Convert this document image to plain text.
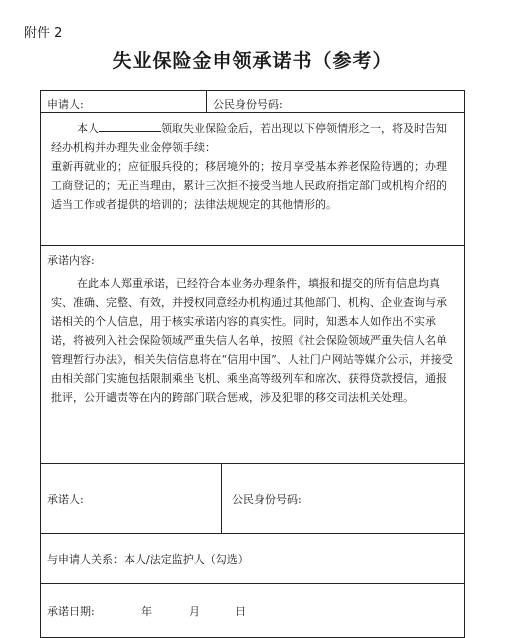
附件 2
失业保险金申领承诺书（参考）
申请人:	公民身份号码:

本人	领取失业保险金后，若出现以下停领情形之一，将及时告知经办机构并办理失业金停领手续：

重新再就业的；应征服兵役的；移居境外的；按月享受基本养老保险待遇的；办理工商登记的；无正当理由，累计三次拒不接受当地人民政府指定部门或机构介绍的适当工作或者提供的培训的；法律法规规定的其他情形的。

承诺内容:

在此本人郑重承诺，已经符合本业务办理条件，填报和提交的所有信息均真实、准确、完整、有效，并授权同意经办机构通过其他部门、机构、企业查询与承诺相关的个人信息，用于核实承诺内容的真实性。同时，知悉本人如作出不实承诺，将被列入社会保险领域严重失信人名单，按照《社会保险领域严重失信人名单管理暂行办法》，相关失信信息将在“信用中国”、人社门户网站等媒介公示，并接受由相关部门实施包括限制乘坐飞机、乘坐高等级列车和席次、获得贷款授信，通报批评，公开谴责等在内的跨部门联合惩戒，涉及犯罪的移交司法机关处理。

承诺人:	公民身份号码:
与申请人关系：本人/法定监护人（勾选）
承诺日期:	年	月	日
